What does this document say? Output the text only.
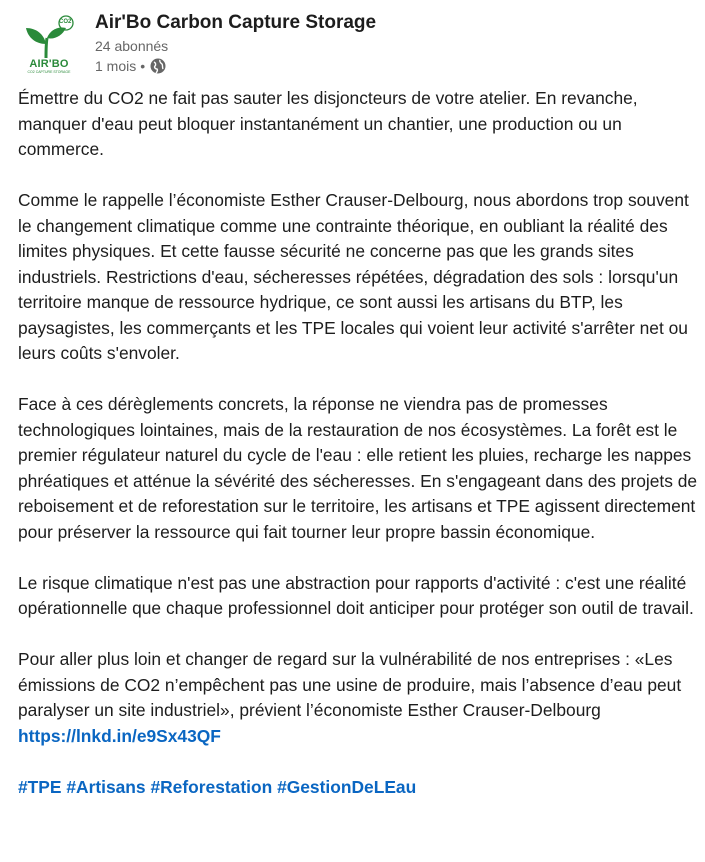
CO2
AIR'BO
CO2 CAPTURE STORAGE
Air'Bo Carbon Capture Storage
24 abonnés
1 mois •

Émettre du CO2 ne fait pas sauter les disjoncteurs de votre atelier. En revanche, manquer d'eau peut bloquer instantanément un chantier, une production ou un commerce.

Comme le rappelle l’économiste Esther Crauser-Delbourg, nous abordons trop souvent le changement climatique comme une contrainte théorique, en oubliant la réalité des limites physiques. Et cette fausse sécurité ne concerne pas que les grands sites industriels. Restrictions d'eau, sécheresses répétées, dégradation des sols : lorsqu'un territoire manque de ressource hydrique, ce sont aussi les artisans du BTP, les paysagistes, les commerçants et les TPE locales qui voient leur activité s'arrêter net ou leurs coûts s'envoler.

Face à ces dérèglements concrets, la réponse ne viendra pas de promesses technologiques lointaines, mais de la restauration de nos écosystèmes. La forêt est le premier régulateur naturel du cycle de l'eau : elle retient les pluies, recharge les nappes phréatiques et atténue la sévérité des sécheresses. En s'engageant dans des projets de reboisement et de reforestation sur le territoire, les artisans et TPE agissent directement pour préserver la ressource qui fait tourner leur propre bassin économique.

Le risque climatique n'est pas une abstraction pour rapports d'activité : c'est une réalité opérationnelle que chaque professionnel doit anticiper pour protéger son outil de travail.

Pour aller plus loin et changer de regard sur la vulnérabilité de nos entreprises : «Les émissions de CO2 n’empêchent pas une usine de produire, mais l’absence d’eau peut paralyser un site industriel», prévient l’économiste Esther Crauser-Delbourg https://lnkd.in/e9Sx43QF

#TPE #Artisans #Reforestation #GestionDeLEau
